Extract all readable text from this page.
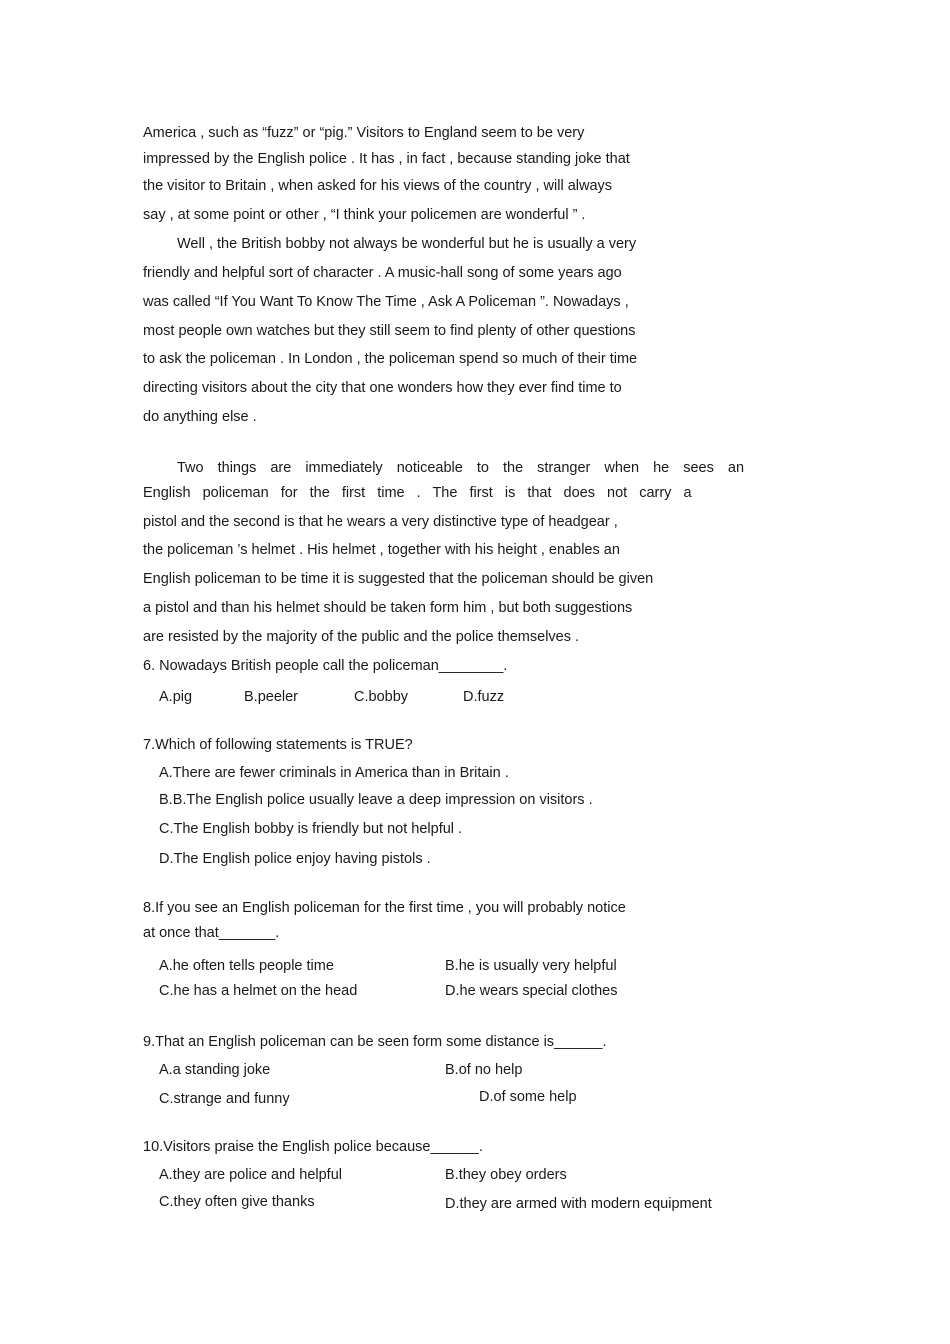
America , such as “fuzz” or “pig.” Visitors to England seem to be very
impressed by the English police . It has , in fact , because standing joke that
the visitor to Britain , when asked for his views of the country , will always
say , at some point or other , “I think your policemen are wonderful ” .
Well , the British bobby not always be wonderful but he is usually a very
friendly and helpful sort of character . A music-hall song of some years ago
was called “If You Want To Know The Time , Ask A Policeman ”. Nowadays ,
most people own watches but they still seem to find plenty of other questions
to ask the policeman . In London , the policeman spend so much of their time
directing visitors about the city that one wonders how they ever find time to
do anything else .
Two things are immediately noticeable to the stranger when he sees an
English policeman for the first time . The first is that does not carry a
pistol and the second is that he wears a very distinctive type of headgear ,
the policeman ’s helmet . His helmet , together with his height , enables an
English policeman to be time it is suggested that the policeman should be given
a pistol and than his helmet should be taken form him , but both suggestions
are resisted by the majority of the public and the police themselves .
6. Nowadays British people call the policeman________.
A.pig	B.peeler	C.bobby	D.fuzz
7.Which of following statements is TRUE?
A.There are fewer criminals in America than in Britain .
B.B.The English police usually leave a deep impression on visitors .
C.The English bobby is friendly but not helpful .
D.The English police enjoy having pistols .
8.If you see an English policeman for the first time , you will probably notice
at once that_______.
A.he often tells people time	B.he is usually very helpful
C.he has a helmet on the head	D.he wears special clothes
9.That an English policeman can be seen form some distance is______.
A.a standing joke	B.of no help
C.strange and funny	D.of some help
10.Visitors praise the English police because______.
A.they are police and helpful	B.they obey orders
C.they often give thanks	D.they are armed with modern equipment
